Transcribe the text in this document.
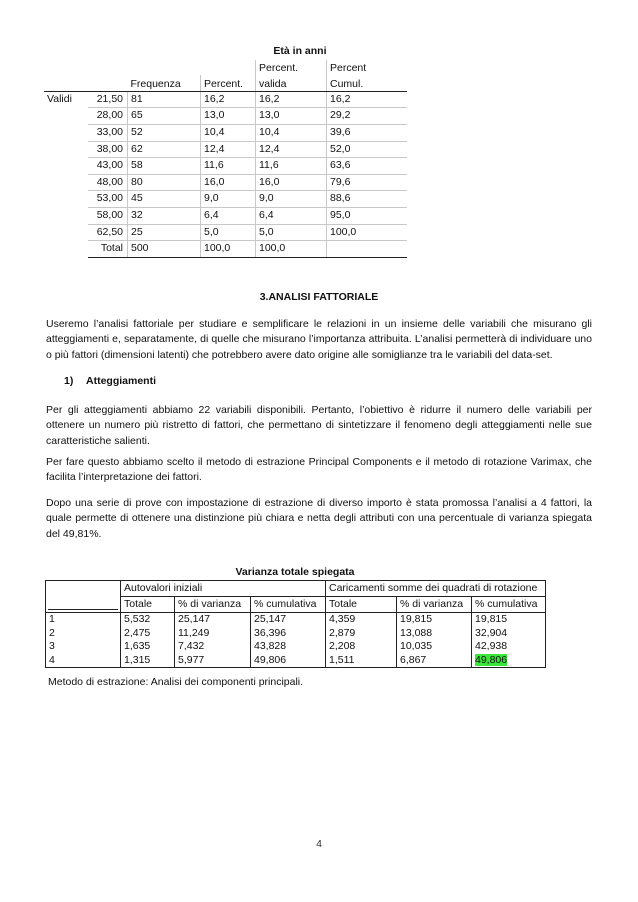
		Età in anni			
				Percent.	Percent
		Frequenza	Percent.	valida	Cumul.
Validi	21,50	81	16,2	16,2	16,2
	28,00	65	13,0	13,0	29,2
	33,00	52	10,4	10,4	39,6
	38,00	62	12,4	12,4	52,0
	43,00	58	11,6	11,6	63,6
	48,00	80	16,0	16,0	79,6
	53,00	45	9,0	9,0	88,6
	58,00	32	6,4	6,4	95,0
	62,50	25	5,0	5,0	100,0
	Total	500	100,0	100,0	
3.ANALISI FATTORIALE

Useremo l’analisi fattoriale per studiare e semplificare le relazioni in un insieme delle variabili che misurano gli atteggiamenti e, separatamente, di quelle che misurano l’importanza attribuita. L’analisi permetterà di individuare uno o più fattori (dimensioni latenti) che potrebbero avere dato origine alle somiglianze tra le variabili del data-set.

1) Atteggiamenti

Per gli atteggiamenti abbiamo 22 variabili disponibili. Pertanto, l’obiettivo è ridurre il numero delle variabili per ottenere un numero più ristretto di fattori, che permettano di sintetizzare il fenomeno degli atteggiamenti nelle sue caratteristiche salienti.

Per fare questo abbiamo scelto il metodo di estrazione Principal Components e il metodo di rotazione Varimax, che facilita l’interpretazione dei fattori.

Dopo una serie di prove con impostazione di estrazione di diverso importo è stata promossa l’analisi a 4 fattori, la quale permette di ottenere una distinzione più chiara e netta degli attributi con una percentuale di varianza spiegata del 49,81%.

Varianza totale spiegata
	Autovalori iniziali			Caricamenti somme dei quadrati di rotazione		

	Totale	% di varianza	% cumulativa	Totale	% di varianza	% cumulativa
1	5,532	25,147	25,147	4,359	19,815	19,815
2	2,475	11,249	36,396	2,879	13,088	32,904
3	1,635	7,432	43,828	2,208	10,035	42,938
4	1,315	5,977	49,806	1,511	6,867	49,806
Metodo di estrazione: Analisi dei componenti principali.
4
